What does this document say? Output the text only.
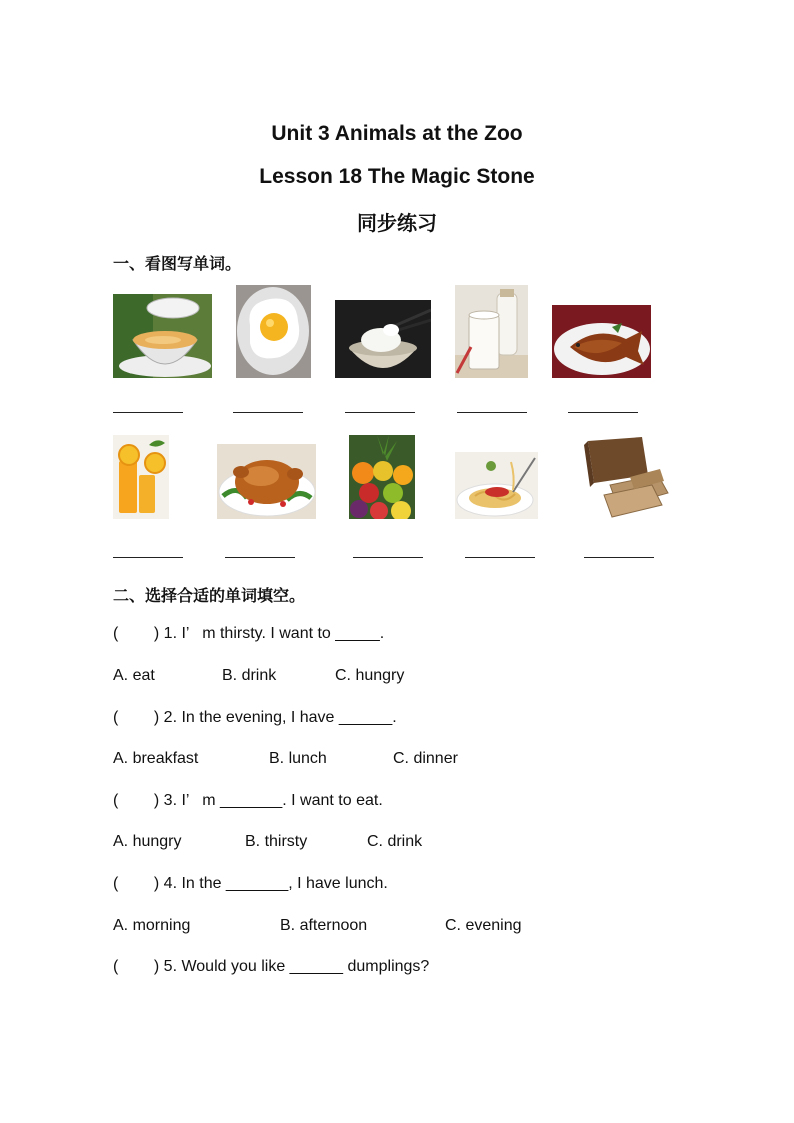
Unit 3 Animals at the Zoo
Lesson 18 The Magic Stone
同步练习
一、看图写单词。
二、选择合适的单词填空。
(        ) 1. I’   m thirsty. I want to _____.
A. eat	B. drink	C. hungry
(        ) 2. In the evening, I have ______.
A. breakfast	B. lunch	C. dinner
(        ) 3. I’   m _______. I want to eat.
A. hungry	B. thirsty	C. drink
(        ) 4. In the _______, I have lunch.
A. morning	B. afternoon	C. evening
(        ) 5. Would you like ______ dumplings?
